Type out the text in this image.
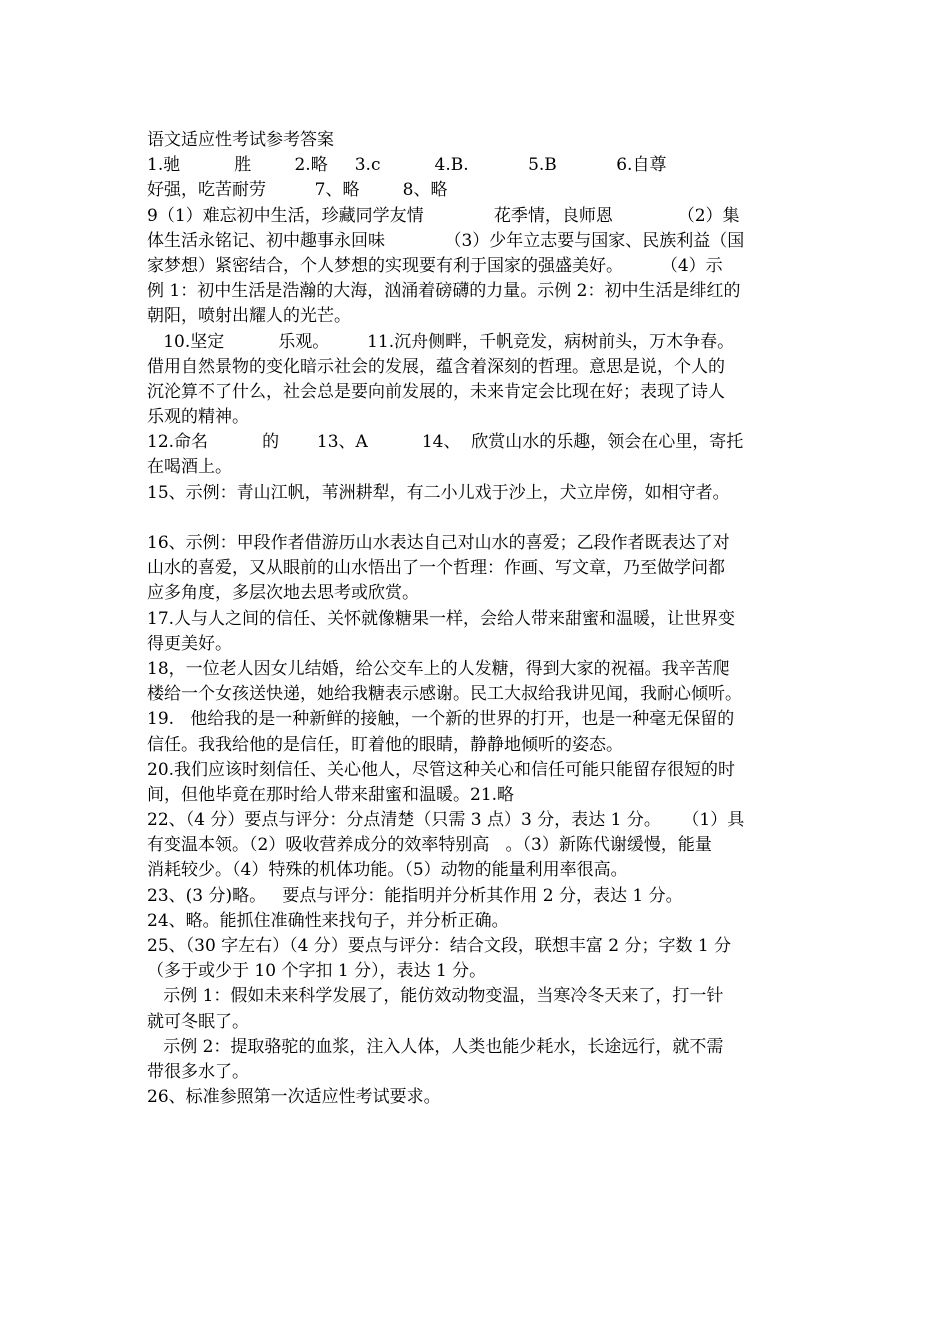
语文适应性考试参考答案
1.驰          胜        2.略     3.c          4.B.           5.B           6.自尊
好强，吃苦耐劳         7、略        8、略
9（1）难忘初中生活，珍藏同学友情             花季情，良师恩            （2）集
体生活永铭记、初中趣事永回味           （3）少年立志要与国家、民族利益（国
家梦想）紧密结合，个人梦想的实现要有利于国家的强盛美好。       （4）示
例 1：初中生活是浩瀚的大海，汹涌着磅礴的力量。示例 2：初中生活是绯红的
朝阳，喷射出耀人的光芒。
10.坚定          乐观。       11.沉舟侧畔，千帆竞发，病树前头，万木争春。
借用自然景物的变化暗示社会的发展，蕴含着深刻的哲理。意思是说，个人的
沉沦算不了什么，社会总是要向前发展的，未来肯定会比现在好；表现了诗人
乐观的精神。
12.命名          的       13、A          14、  欣赏山水的乐趣，领会在心里，寄托
在喝酒上。
15、示例：青山江帆，苇洲耕犁，有二小儿戏于沙上，犬立岸傍，如相守者。
16、示例：甲段作者借游历山水表达自己对山水的喜爱；乙段作者既表达了对
山水的喜爱，又从眼前的山水悟出了一个哲理：作画、写文章，乃至做学问都
应多角度，多层次地去思考或欣赏。
17.人与人之间的信任、关怀就像糖果一样，会给人带来甜蜜和温暖，让世界变
得更美好。
18，一位老人因女儿结婚，给公交车上的人发糖，得到大家的祝福。我辛苦爬
楼给一个女孩送快递，她给我糖表示感谢。民工大叔给我讲见闻，我耐心倾听。
19.   他给我的是一种新鲜的接触，一个新的世界的打开，也是一种毫无保留的
信任。我我给他的是信任，盯着他的眼睛，静静地倾听的姿态。
20.我们应该时刻信任、关心他人，尽管这种关心和信任可能只能留存很短的时
间，但他毕竟在那时给人带来甜蜜和温暖。21.略
22、（4 分）要点与评分：分点清楚（只需 3 点）3 分，表达 1 分。    （1）具
有变温本领。（2）吸收营养成分的效率特别高   。（3）新陈代谢缓慢，能量
消耗较少。（4）特殊的机体功能。（5）动物的能量利用率很高。
23、(3 分)略。   要点与评分：能指明并分析其作用 2 分，表达 1 分。
24、略。能抓住准确性来找句子，并分析正确。
25、（30 字左右）（4 分）要点与评分：结合文段，联想丰富 2 分；字数 1 分
（多于或少于 10 个字扣 1 分），表达 1 分。
示例 1：假如未来科学发展了，能仿效动物变温，当寒冷冬天来了，打一针
就可冬眠了。
示例 2：提取骆驼的血浆，注入人体，人类也能少耗水，长途远行，就不需
带很多水了。
26、标准参照第一次适应性考试要求。
